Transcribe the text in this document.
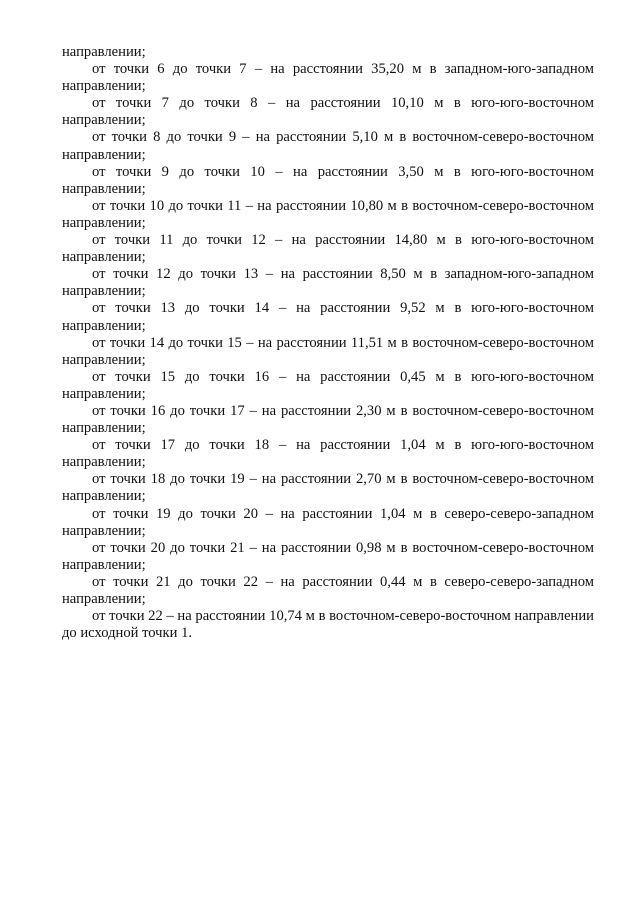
направлении;

от точки 6 до точки 7 – на расстоянии 35,20 м в западном-юго-западном направлении;

от точки 7 до точки 8 – на расстоянии 10,10 м в юго-юго-восточном направлении;

от точки 8 до точки 9 – на расстоянии 5,10 м в восточном-северо-восточном направлении;

от точки 9 до точки 10 – на расстоянии 3,50 м в юго-юго-восточном направлении;

от точки 10 до точки 11 – на расстоянии 10,80 м в восточном-северо-восточном направлении;

от точки 11 до точки 12 – на расстоянии 14,80 м в юго-юго-восточном направлении;

от точки 12 до точки 13 – на расстоянии 8,50 м в западном-юго-западном направлении;

от точки 13 до точки 14 – на расстоянии 9,52 м в юго-юго-восточном направлении;

от точки 14 до точки 15 – на расстоянии 11,51 м в восточном-северо-восточном направлении;

от точки 15 до точки 16 – на расстоянии 0,45 м в юго-юго-восточном направлении;

от точки 16 до точки 17 – на расстоянии 2,30 м в восточном-северо-восточном направлении;

от точки 17 до точки 18 – на расстоянии 1,04 м в юго-юго-восточном направлении;

от точки 18 до точки 19 – на расстоянии 2,70 м в восточном-северо-восточном направлении;

от точки 19 до точки 20 – на расстоянии 1,04 м в северо-северо-западном направлении;

от точки 20 до точки 21 – на расстоянии 0,98 м в восточном-северо-восточном направлении;

от точки 21 до точки 22 – на расстоянии 0,44 м в северо-северо-западном направлении;

от точки 22 – на расстоянии 10,74 м в восточном-северо-восточном направлении до исходной точки 1.
